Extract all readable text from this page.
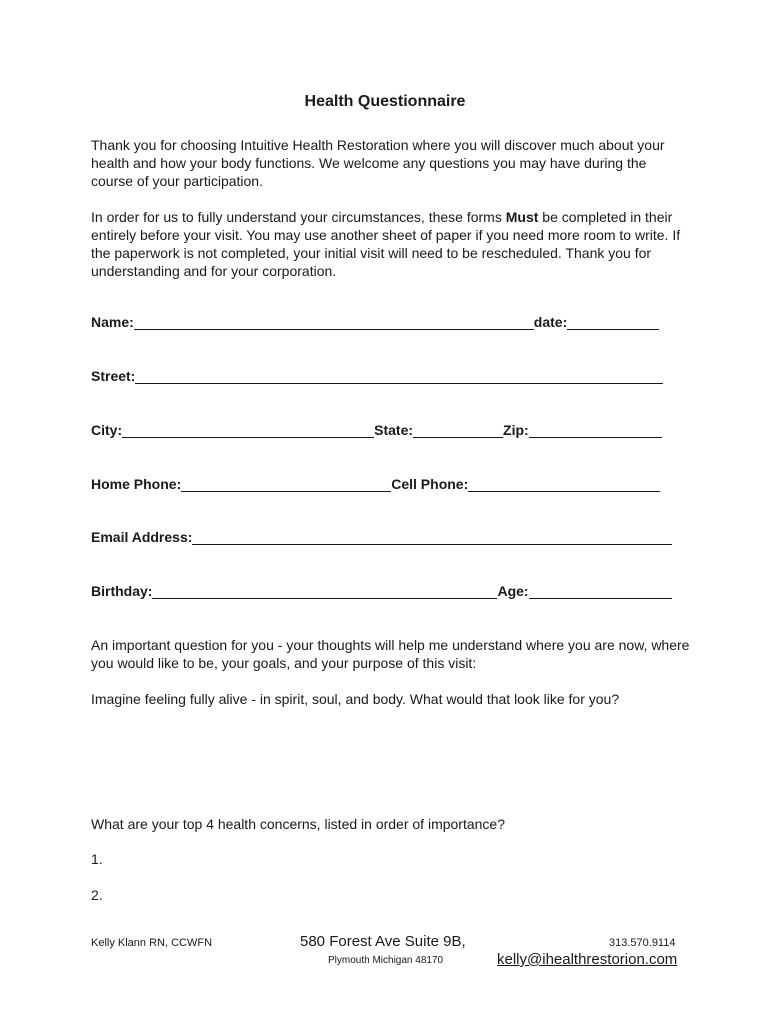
Health Questionnaire
Thank you for choosing Intuitive Health Restoration where you will discover much about your health and how your body functions. We welcome any questions you may have during the course of your participation.
In order for us to fully understand your circumstances, these forms Must be completed in their entirely before your visit. You may use another sheet of paper if you need more room to write. If the paperwork is not completed, your initial visit will need to be rescheduled. Thank you for understanding and for your corporation.
Name:	date:
Street:
City:	State:	Zip:
Home Phone:	Cell Phone:
Email Address:
Birthday:	Age:
An important question for you - your thoughts will help me understand where you are now, where you would like to be, your goals, and your purpose of this visit:
Imagine feeling fully alive - in spirit, soul, and body. What would that look like for you?
What are your top 4 health concerns, listed in order of importance?
1.
2.
Kelly Klann RN, CCWFN	580 Forest Ave Suite 9B,
Plymouth Michigan 48170
313.570.9114
kelly@ihealthrestorion.com
